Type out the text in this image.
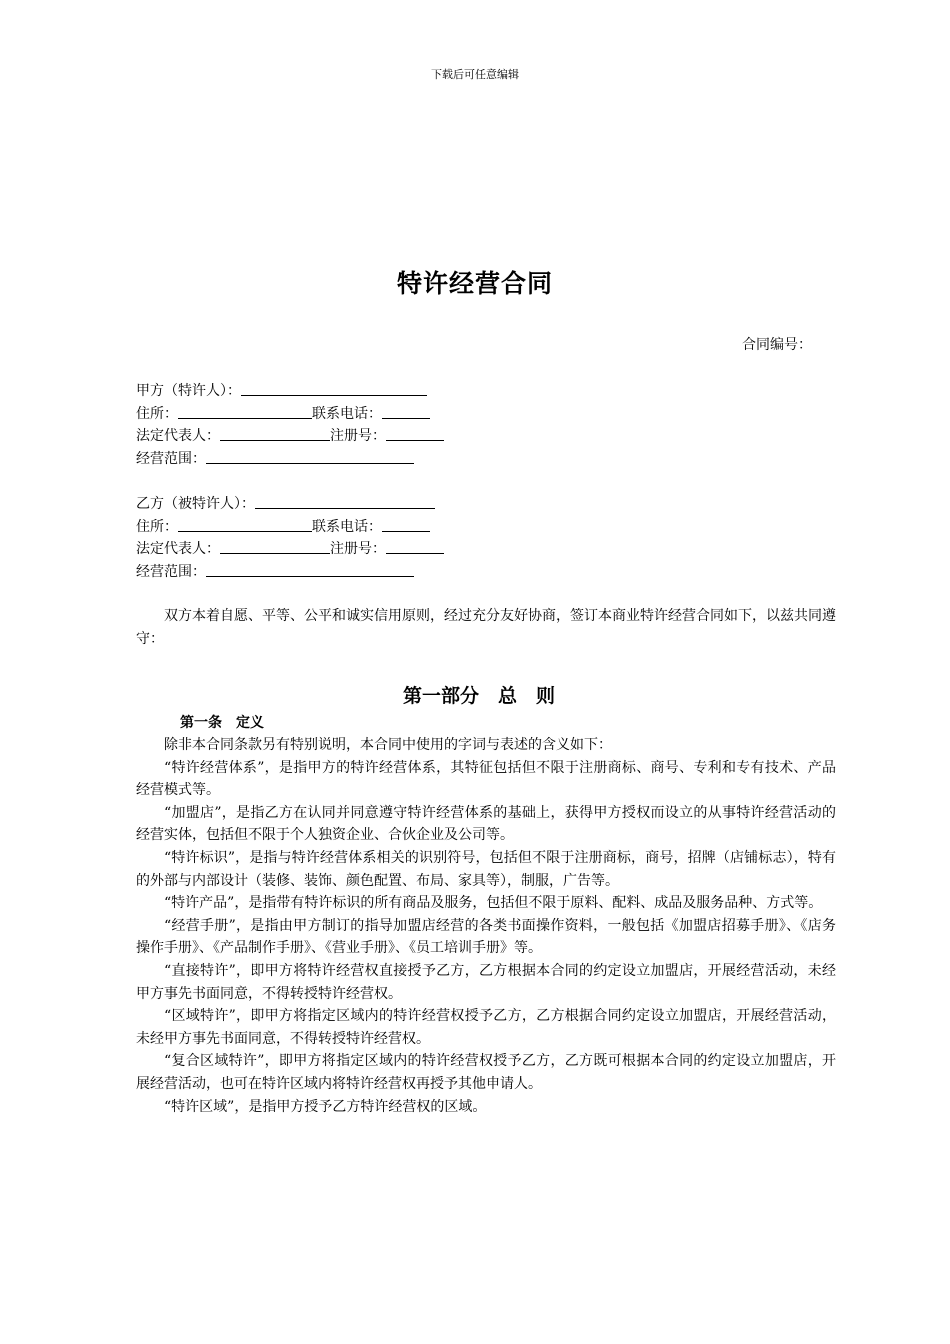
下载后可任意编辑
特许经营合同
合同编号：
甲方（特许人）：
住所：	联系电话：
法定代表人：	注册号：
经营范围：
乙方（被特许人）：
住所：	联系电话：
法定代表人：	注册号：
经营范围：

双方本着自愿、平等、公平和诚实信用原则，经过充分友好协商，签订本商业特许经营合同如下，以兹共同遵守：

第一部分　总　则
第一条　定义

除非本合同条款另有特别说明，本合同中使用的字词与表述的含义如下：

“特许经营体系”，是指甲方的特许经营体系，其特征包括但不限于注册商标、商号、专利和专有技术、产品经营模式等。

“加盟店”，是指乙方在认同并同意遵守特许经营体系的基础上，获得甲方授权而设立的从事特许经营活动的经营实体，包括但不限于个人独资企业、合伙企业及公司等。

“特许标识”，是指与特许经营体系相关的识别符号，包括但不限于注册商标，商号，招牌（店铺标志），特有的外部与内部设计（装修、装饰、颜色配置、布局、家具等），制服，广告等。

“特许产品”，是指带有特许标识的所有商品及服务，包括但不限于原料、配料、成品及服务品种、方式等。

“经营手册”，是指由甲方制订的指导加盟店经营的各类书面操作资料，一般包括《加盟店招募手册》、《店务操作手册》、《产品制作手册》、《营业手册》、《员工培训手册》等。

“直接特许”，即甲方将特许经营权直接授予乙方，乙方根据本合同的约定设立加盟店，开展经营活动，未经甲方事先书面同意，不得转授特许经营权。

“区域特许”，即甲方将指定区域内的特许经营权授予乙方，乙方根据合同约定设立加盟店，开展经营活动，未经甲方事先书面同意，不得转授特许经营权。

“复合区域特许”，即甲方将指定区域内的特许经营权授予乙方，乙方既可根据本合同的约定设立加盟店，开展经营活动，也可在特许区域内将特许经营权再授予其他申请人。

“特许区域”，是指甲方授予乙方特许经营权的区域。
